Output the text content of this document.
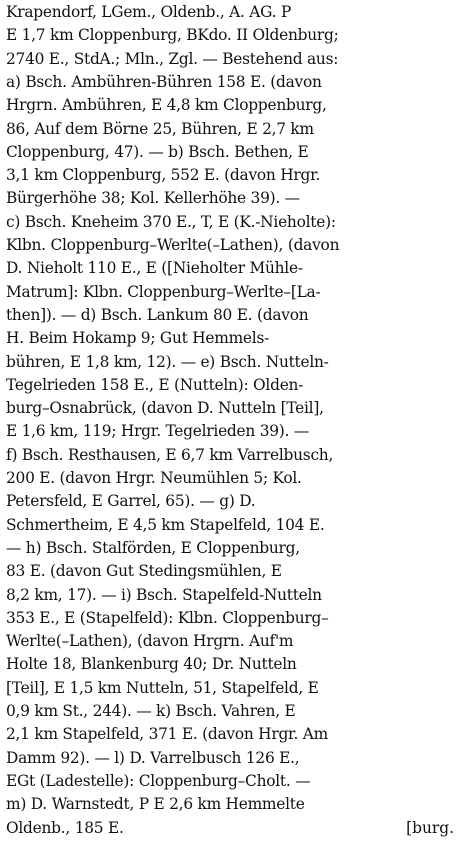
Krapendorf, LGem., Oldenb., A. AG. P
E 1,7 km Cloppenburg, BKdo. II Oldenburg;
2740 E., StdA.; Mln., Zgl. — Bestehend aus:
a) Bsch. Ambühren-Bühren 158 E. (davon
Hrgrn. Ambühren, E 4,8 km Cloppenburg,
86, Auf dem Börne 25, Bühren, E 2,7 km
Cloppenburg, 47). — b) Bsch. Bethen, E
3,1 km Cloppenburg, 552 E. (davon Hrgr.
Bürgerhöhe 38; Kol. Kellerhöhe 39). —
c) Bsch. Kneheim 370 E., T, E (K.-Nieholte):
Klbn. Cloppenburg–Werlte(–Lathen), (davon
D. Nieholt 110 E., E ([Nieholter Mühle-
Matrum]: Klbn. Cloppenburg–Werlte–[La-
then]). — d) Bsch. Lankum 80 E. (davon
H. Beim Hokamp 9; Gut Hemmels-
bühren, E 1,8 km, 12). — e) Bsch. Nutteln-
Tegelrieden 158 E., E (Nutteln): Olden-
burg–Osnabrück, (davon D. Nutteln [Teil],
E 1,6 km, 119; Hrgr. Tegelrieden 39). —
f) Bsch. Resthausen, E 6,7 km Varrelbusch,
200 E. (davon Hrgr. Neumühlen 5; Kol.
Petersfeld, E Garrel, 65). — g) D.
Schmertheim, E 4,5 km Stapelfeld, 104 E.
— h) Bsch. Stalförden, E Cloppenburg,
83 E. (davon Gut Stedingsmühlen, E
8,2 km, 17). — i) Bsch. Stapelfeld-Nutteln
353 E., E (Stapelfeld): Klbn. Cloppenburg–
Werlte(–Lathen), (davon Hrgrn. Auf'm
Holte 18, Blankenburg 40; Dr. Nutteln
[Teil], E 1,5 km Nutteln, 51, Stapelfeld, E
0,9 km St., 244). — k) Bsch. Vahren, E
2,1 km Stapelfeld, 371 E. (davon Hrgr. Am
Damm 92). — l) D. Varrelbusch 126 E.,
EGt (Ladestelle): Cloppenburg–Cholt. —
m) D. Warnstedt, P E 2,6 km Hemmelte
Oldenb., 185 E.	[burg.
